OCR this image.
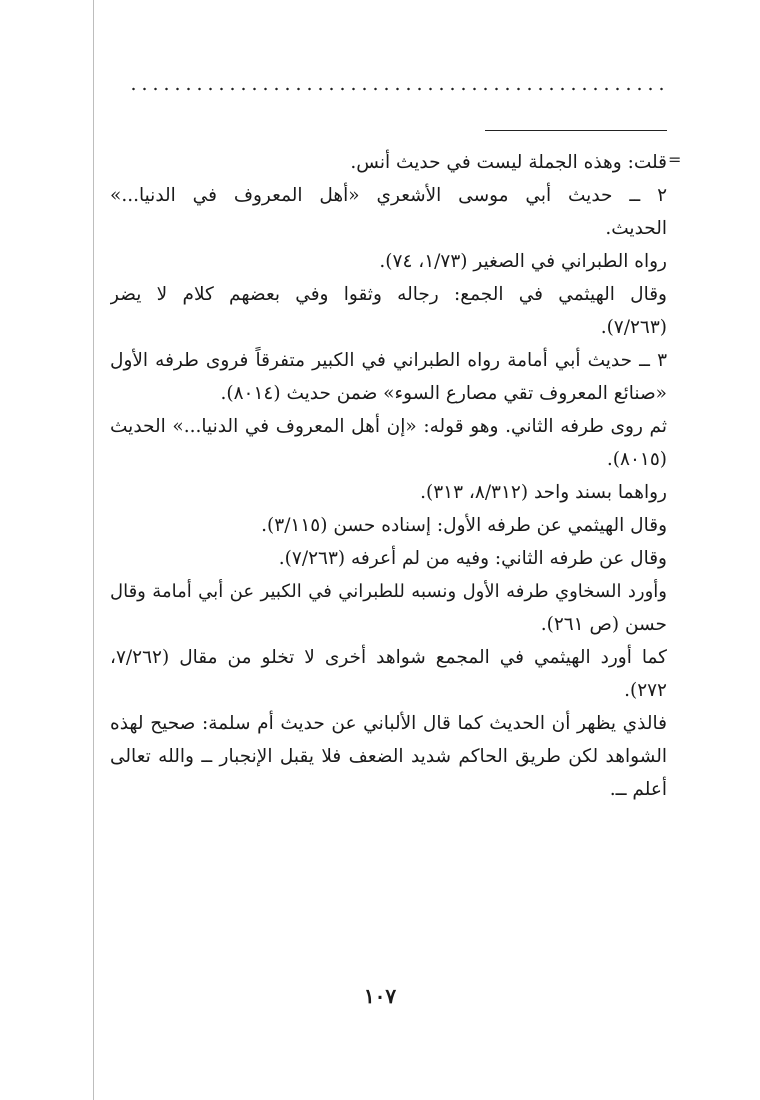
=
قلت: وهذه الجملة ليست في حديث أنس.
٢ ــ حديث أبي موسى الأشعري «أهل المعروف في الدنيا...»
الحديث.
رواه الطبراني في الصغير (١/٧٣، ٧٤).
وقال الهيثمي في الجمع: رجاله وثقوا وفي بعضهم كلام لا يضر
(٧/٢٦٣).
٣ ــ حديث أبي أمامة رواه الطبراني في الكبير متفرقاً فروى طرفه الأول
«صنائع المعروف تقي مصارع السوء» ضمن حديث (٨٠١٤).
ثم روى طرفه الثاني. وهو قوله: «إن أهل المعروف في الدنيا...» الحديث
(٨٠١٥).
رواهما بسند واحد (٨/٣١٢، ٣١٣).
وقال الهيثمي عن طرفه الأول: إسناده حسن (٣/١١٥).
وقال عن طرفه الثاني: وفيه من لم أعرفه (٧/٢٦٣).
وأورد السخاوي طرفه الأول ونسبه للطبراني في الكبير عن أبي أمامة وقال
حسن (ص ٢٦١).
كما أورد الهيثمي في المجمع شواهد أخرى لا تخلو من مقال (٧/٢٦٢،
٢٧٢).
فالذي يظهر أن الحديث كما قال الألباني عن حديث أم سلمة: صحيح لهذه
الشواهد لكن طريق الحاكم شديد الضعف فلا يقبل الإنجبار ــ والله تعالى
أعلم ــ.
١٠٧
